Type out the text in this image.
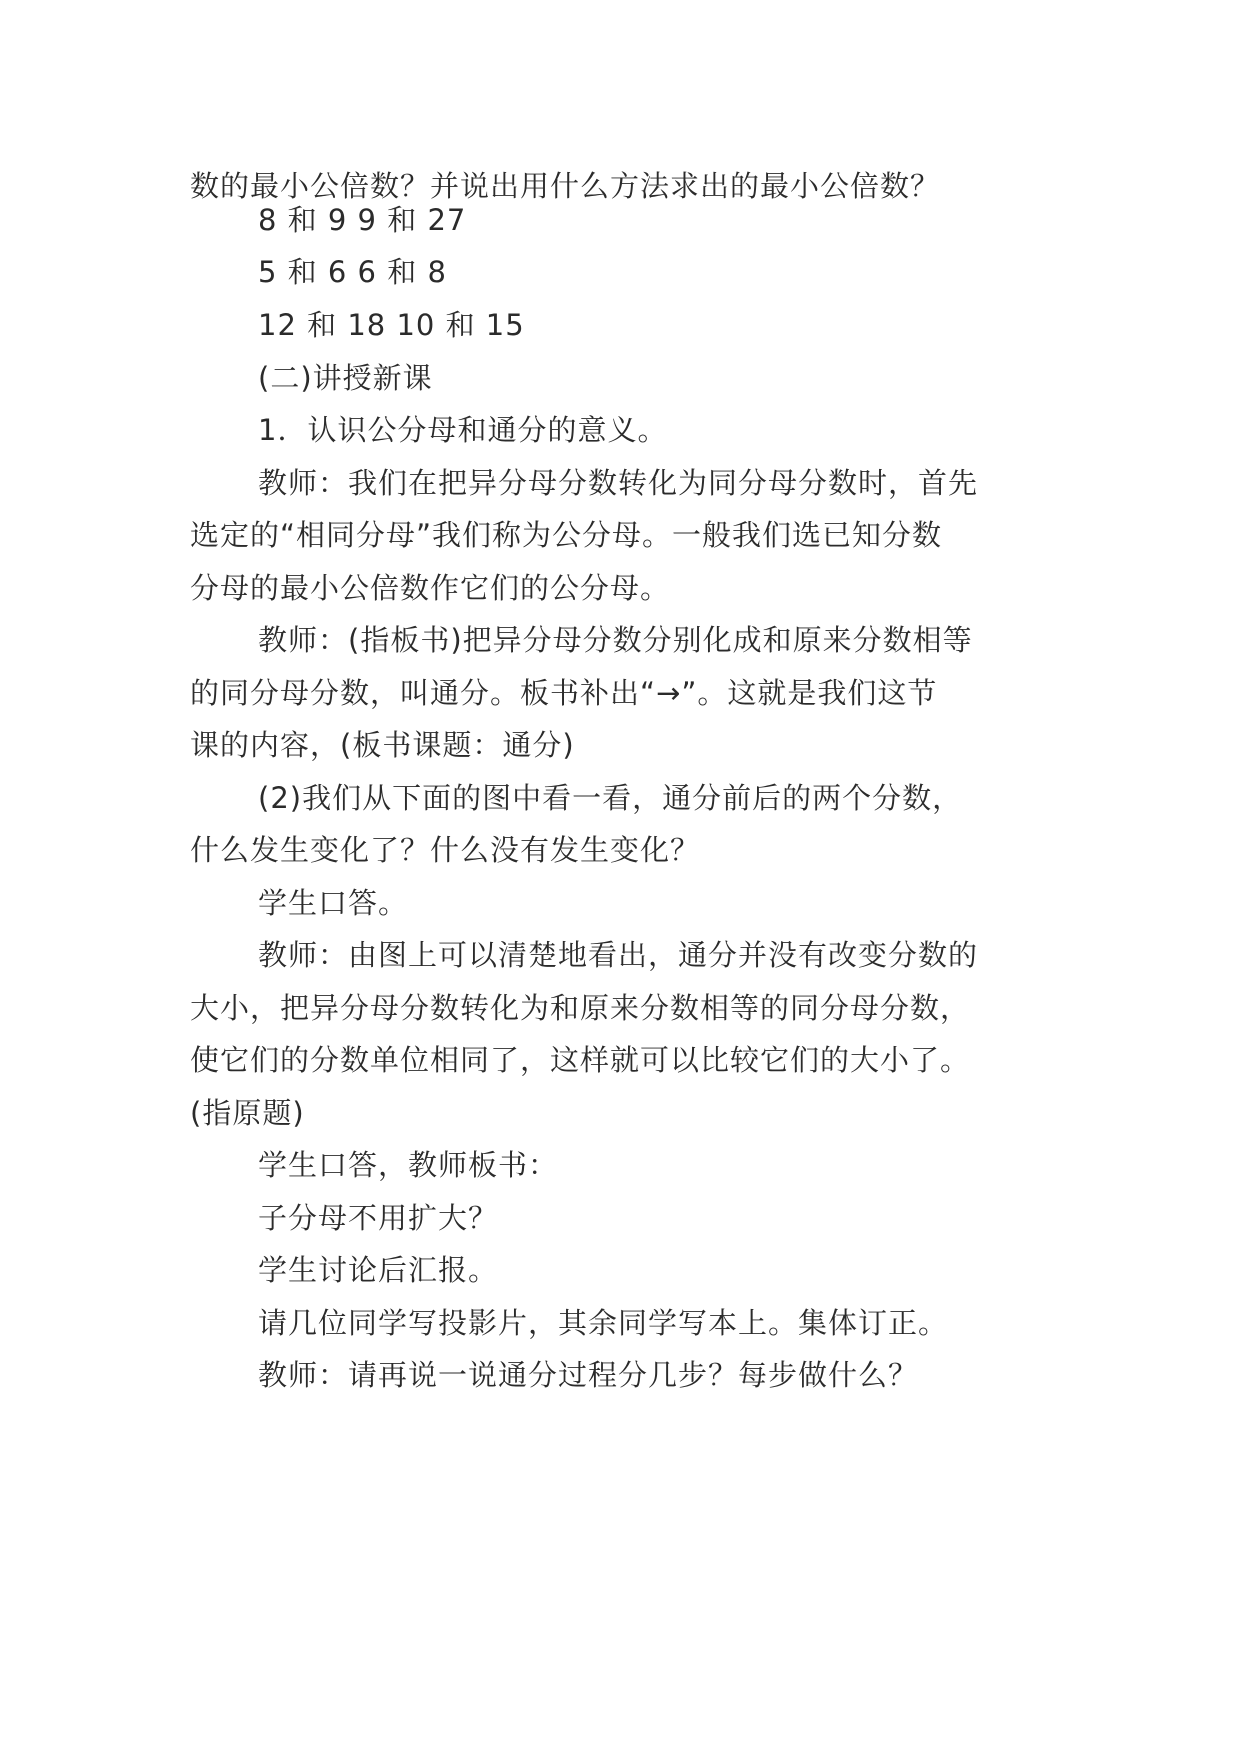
数的最小公倍数？并说出用什么方法求出的最小公倍数？
8 和 9 9 和 27
5 和 6 6 和 8
12 和 18 10 和 15
(二)讲授新课
1．认识公分母和通分的意义。
教师：我们在把异分母分数转化为同分母分数时，首先
选定的“相同分母”我们称为公分母。一般我们选已知分数
分母的最小公倍数作它们的公分母。
教师：(指板书)把异分母分数分别化成和原来分数相等
的同分母分数，叫通分。板书补出“→”。这就是我们这节
课的内容，(板书课题：通分)
(2)我们从下面的图中看一看，通分前后的两个分数，
什么发生变化了？什么没有发生变化？
学生口答。
教师：由图上可以清楚地看出，通分并没有改变分数的
大小，把异分母分数转化为和原来分数相等的同分母分数，
使它们的分数单位相同了，这样就可以比较它们的大小了。
(指原题)
学生口答，教师板书：
子分母不用扩大？
学生讨论后汇报。
请几位同学写投影片，其余同学写本上。集体订正。
教师：请再说一说通分过程分几步？每步做什么？
